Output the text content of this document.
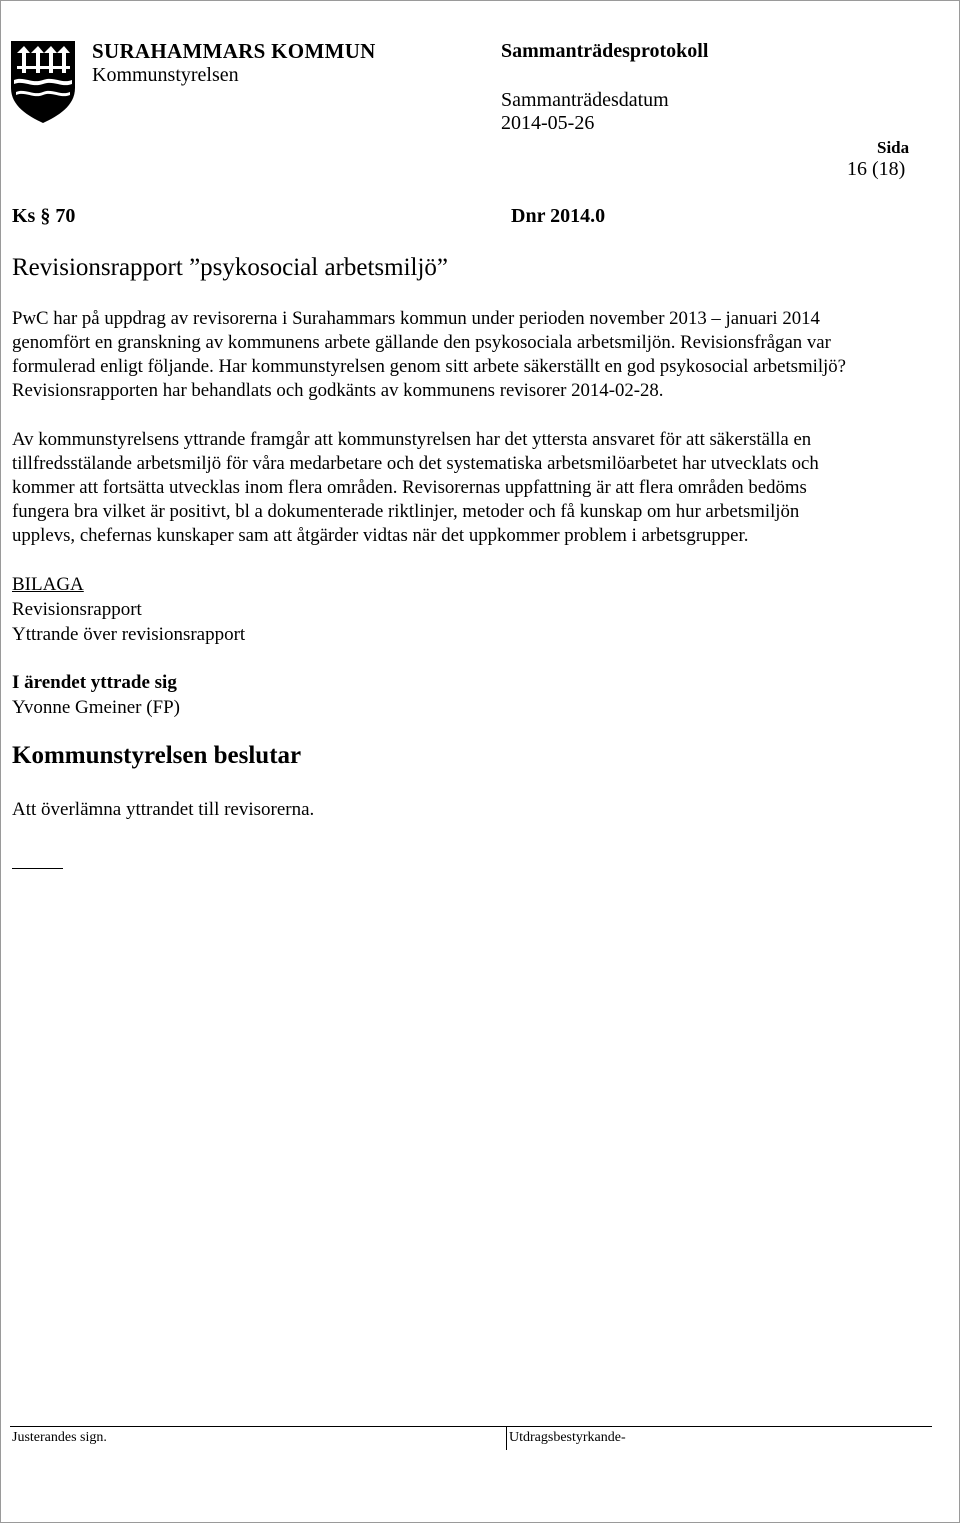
SURAHAMMARS KOMMUN
Kommunstyrelsen
Sammanträdesprotokoll
Sammanträdesdatum
2014-05-26
Sida
16 (18)
Ks § 70	Dnr 2014.0
Revisionsrapport ”psykosocial arbetsmiljö”
PwC har på uppdrag av revisorerna i Surahammars kommun under perioden november 2013 – januari 2014
genomfört en granskning av kommunens arbete gällande den psykosociala arbetsmiljön. Revisionsfrågan var
formulerad enligt följande. Har kommunstyrelsen genom sitt arbete säkerställt en god psykosocial arbetsmiljö?
Revisionsrapporten har behandlats och godkänts av kommunens revisorer 2014-02-28.
Av kommunstyrelsens yttrande framgår att kommunstyrelsen har det yttersta ansvaret för att säkerställa en
tillfredsstälande arbetsmiljö för våra medarbetare och det systematiska arbetsmilöarbetet har utvecklats och
kommer att fortsätta utvecklas inom flera områden. Revisorernas uppfattning är att flera områden bedöms
fungera bra vilket är positivt, bl a dokumenterade riktlinjer, metoder och få kunskap om hur arbetsmiljön
upplevs, chefernas kunskaper sam att åtgärder vidtas när det uppkommer problem i arbetsgrupper.
BILAGA
Revisionsrapport
Yttrande över revisionsrapport
I ärendet yttrade sig
Yvonne Gmeiner (FP)
Kommunstyrelsen beslutar
Att överlämna yttrandet till revisorerna.
Justerandes sign.	Utdragsbestyrkande-
